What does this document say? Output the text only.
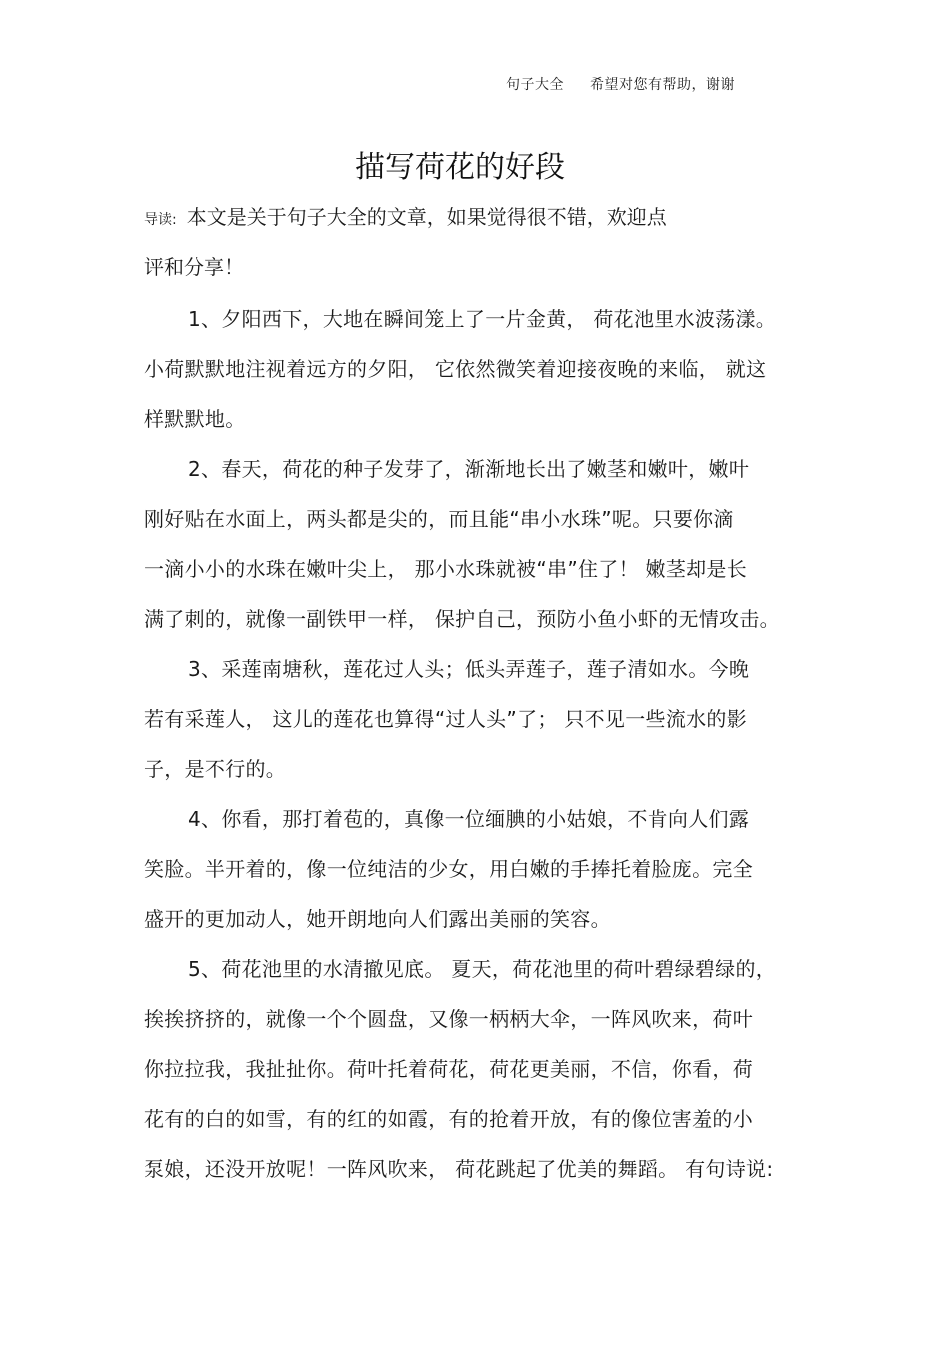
句子大全 希望对您有帮助，谢谢
描写荷花的好段
导读: 本文是关于句子大全的文章，如果觉得很不错，欢迎点
评和分享！
1、夕阳西下，大地在瞬间笼上了一片金黄， 荷花池里水波荡漾。
小荷默默地注视着远方的夕阳， 它依然微笑着迎接夜晚的来临， 就这
样默默地。
2、春天，荷花的种子发芽了，渐渐地长出了嫩茎和嫩叶，嫩叶
刚好贴在水面上，两头都是尖的，而且能“串小水珠”呢。只要你滴
一滴小小的水珠在嫩叶尖上， 那小水珠就被“串”住了！ 嫩茎却是长
满了刺的，就像一副铁甲一样， 保护自己，预防小鱼小虾的无情攻击。
3、采莲南塘秋，莲花过人头；低头弄莲子，莲子清如水。今晚
若有采莲人， 这儿的莲花也算得“过人头”了； 只不见一些流水的影
子，是不行的。
4、你看，那打着苞的，真像一位缅腆的小姑娘，不肯向人们露
笑脸。半开着的，像一位纯洁的少女，用白嫩的手捧托着脸庞。完全
盛开的更加动人，她开朗地向人们露出美丽的笑容。
5、荷花池里的水清撤见底。 夏天，荷花池里的荷叶碧绿碧绿的，
挨挨挤挤的，就像一个个圆盘，又像一柄柄大伞，一阵风吹来，荷叶
你拉拉我，我扯扯你。荷叶托着荷花，荷花更美丽，不信，你看，荷
花有的白的如雪，有的红的如霞，有的抢着开放，有的像位害羞的小
泵娘，还没开放呢！一阵风吹来， 荷花跳起了优美的舞蹈。 有句诗说:
